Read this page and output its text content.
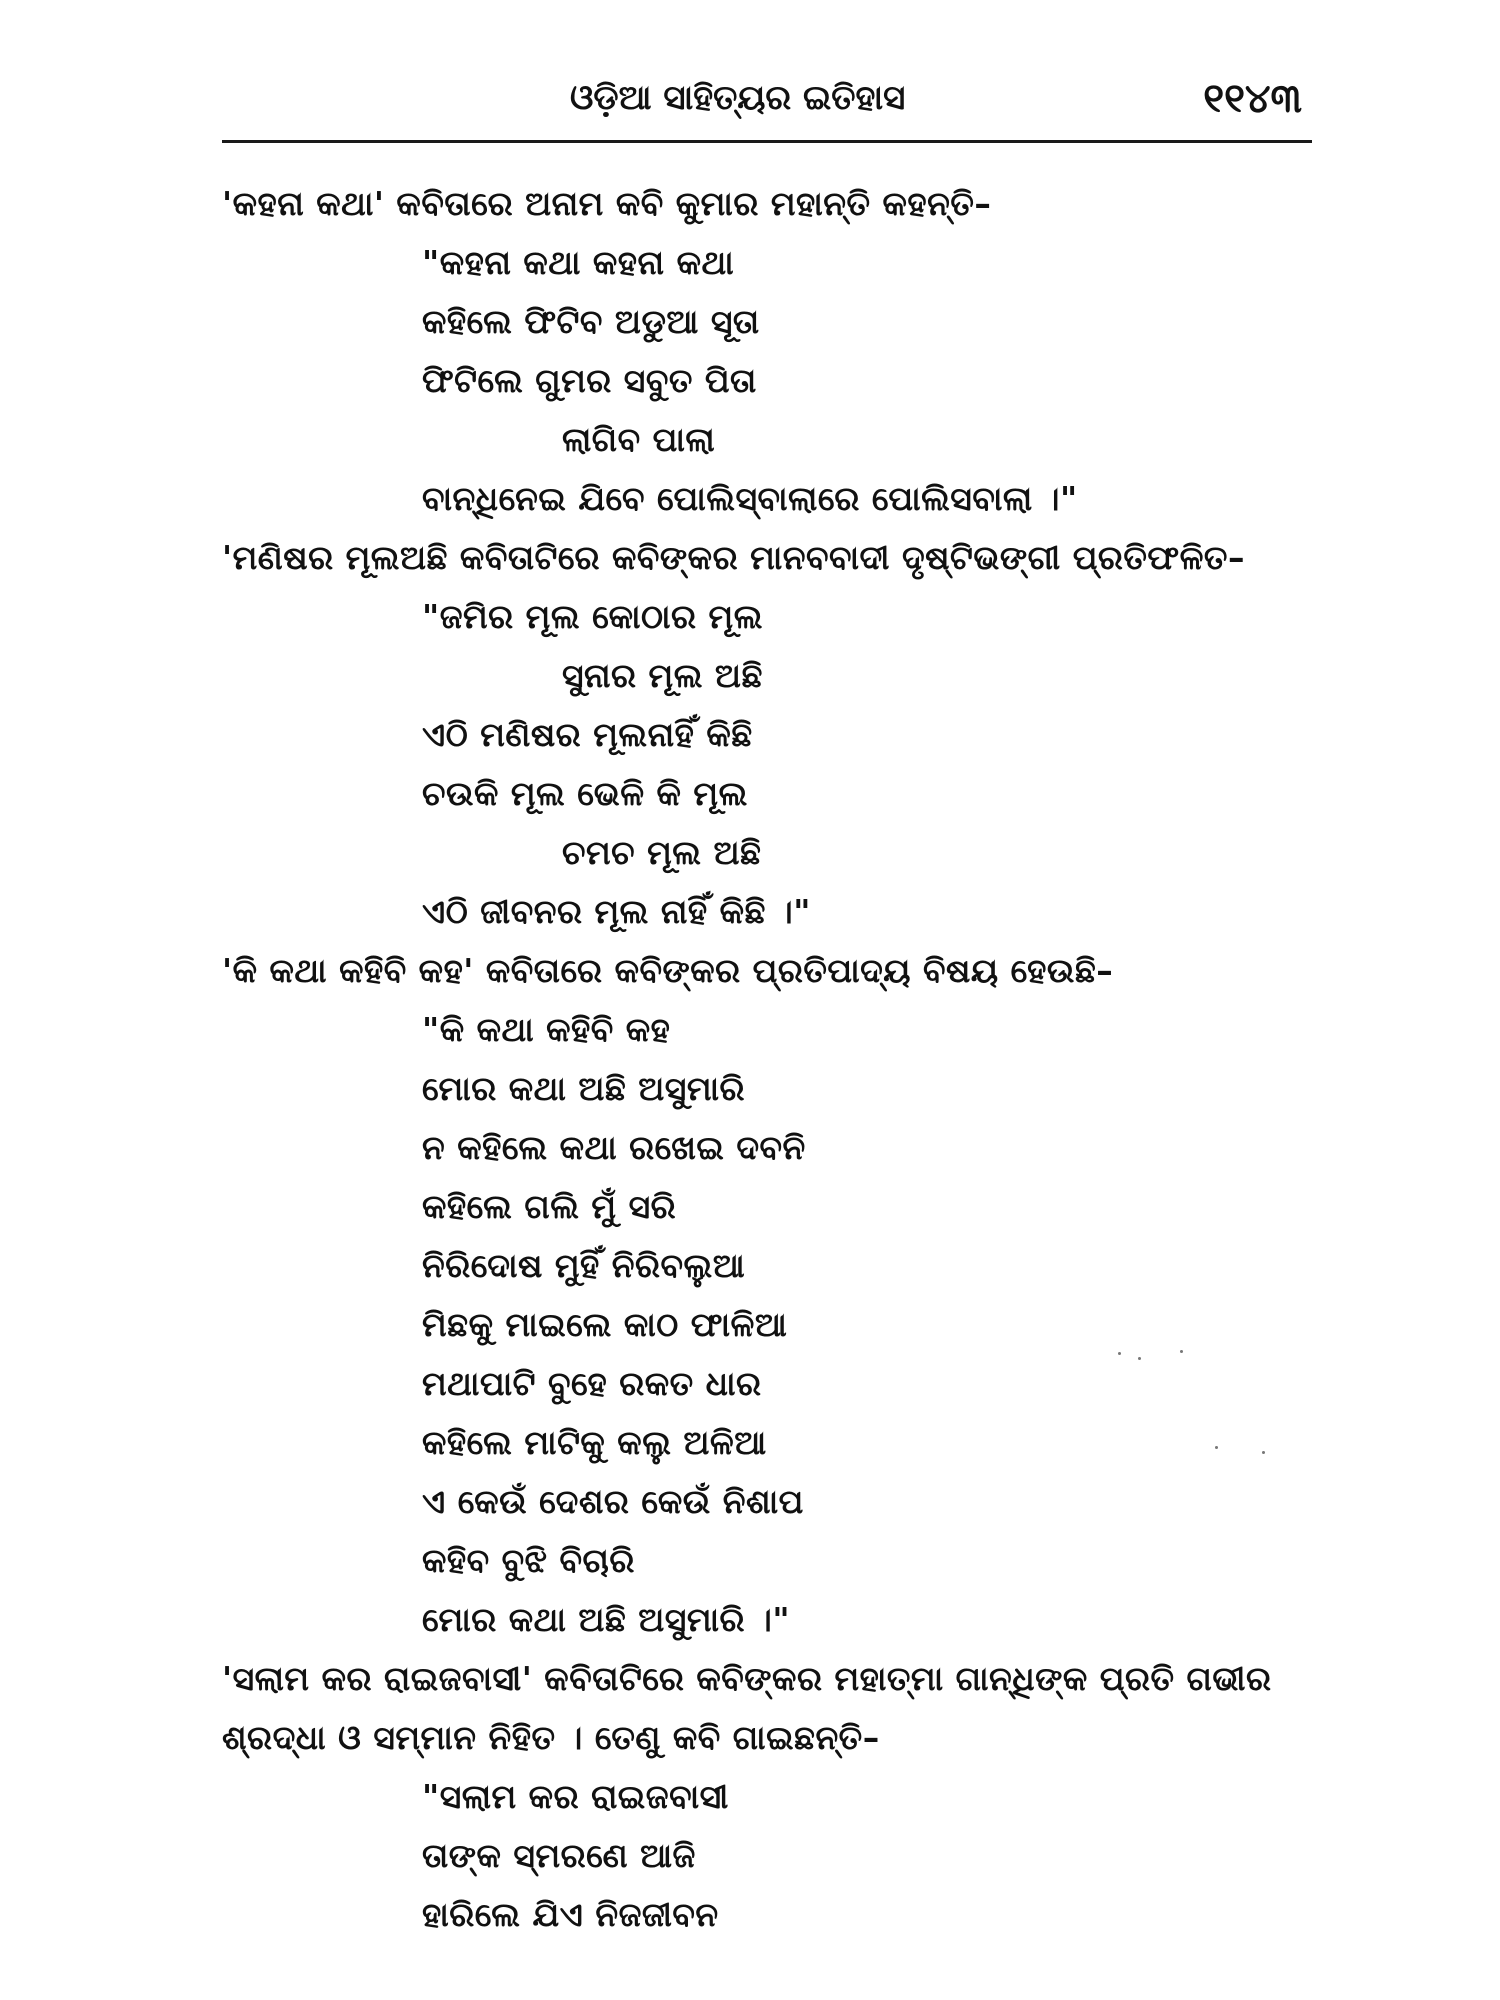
ଓଡ଼ିଆ ସାହିତ୍ୟର ଇତିହାସ	୧୧୪୩
'କହନା କଥା' କବିତାରେ ଅନାମ କବି କୁମାର ମହାନ୍ତି କହନ୍ତି–
"କହନା କଥା କହନା କଥା
କହିଲେ ଫିଟିବ ଅଡୁଆ ସୂତା
ଫିଟିଲେ ଗୁମର ସବୁତ ପିତା
ଲାଗିବ ପାଲା
ବାନ୍ଧିନେଇ ଯିବେ ପୋଲିସ୍‌ବାଲାରେ ପୋଲିସବାଲା ।"
'ମଣିଷର ମୂଲଅଛି କବିତାଟିରେ କବିଙ୍କର ମାନବବାଦୀ ଦୃଷ୍ଟିଭଙ୍ଗୀ ପ୍ରତିଫଳିତ–
"ଜମିର ମୂଲ କୋଠାର ମୂଲ
ସୁନାର ମୂଲ ଅଛି
ଏଠି ମଣିଷର ମୂଲନାହିଁ କିଛି
ଚଉକି ମୂଲ ଭେଳି କି ମୂଲ
ଚମଚ ମୂଲ ଅଛି
ଏଠି ଜୀବନର ମୂଲ ନାହିଁ କିଛି ।"
'କି କଥା କହିବି କହ' କବିତାରେ କବିଙ୍କର ପ୍ରତିପାଦ୍ୟ ବିଷୟ ହେଉଛି–
"କି କଥା କହିବି କହ
ମୋର କଥା ଅଛି ଅସୁମାରି
ନ କହିଲେ କଥା ରଖେଇ ଦବନି
କହିଲେ ଗଲି ମୁଁ ସରି
ନିରିଦୋଷ ମୁହିଁ ନିରିବଲୁଆ
ମିଛକୁ ମାଇଲେ କାଠ ଫାଳିଆ
ମଥାପାଟି ବୁହେ ରକତ ଧାର
କହିଲେ ମାଟିକୁ କଲୁ ଅଳିଆ
ଏ କେଉଁ ଦେଶର କେଉଁ ନିଶାପ
କହିବ ବୁଝି ବିଚାରି
ମୋର କଥା ଅଛି ଅସୁମାରି ।"
'ସଲାମ କର ରାଇଜବାସୀ' କବିତାଟିରେ କବିଙ୍କର ମହାତ୍ମା ଗାନ୍ଧିଙ୍କ ପ୍ରତି ଗଭୀର
ଶ୍ରଦ୍ଧା ଓ ସମ୍ମାନ ନିହିତ । ତେଣୁ କବି ଗାଇଛନ୍ତି–
"ସଲାମ କର ରାଇଜବାସୀ
ତାଙ୍କ ସ୍ମରଣେ ଆଜି
ହାରିଲେ ଯିଏ ନିଜଜୀବନ
